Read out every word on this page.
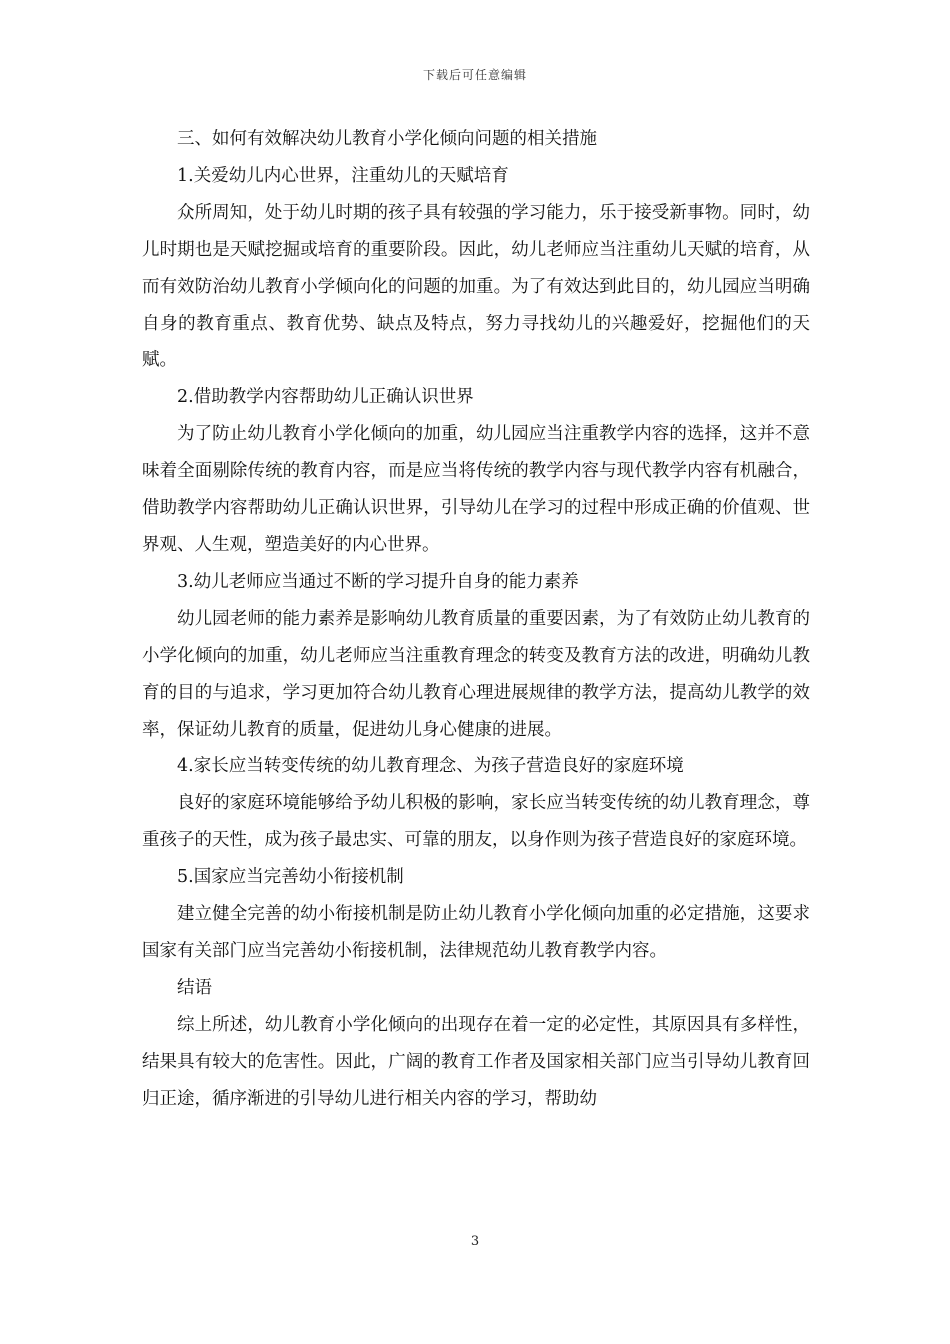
下载后可任意编辑

三、如何有效解决幼儿教育小学化倾向问题的相关措施

1.关爱幼儿内心世界，注重幼儿的天赋培育

众所周知，处于幼儿时期的孩子具有较强的学习能力，乐于接受新事物。同时，幼儿时期也是天赋挖掘或培育的重要阶段。因此，幼儿老师应当注重幼儿天赋的培育，从而有效防治幼儿教育小学倾向化的问题的加重。为了有效达到此目的，幼儿园应当明确自身的教育重点、教育优势、缺点及特点，努力寻找幼儿的兴趣爱好，挖掘他们的天赋。

2.借助教学内容帮助幼儿正确认识世界

为了防止幼儿教育小学化倾向的加重，幼儿园应当注重教学内容的选择，这并不意味着全面剔除传统的教育内容，而是应当将传统的教学内容与现代教学内容有机融合，借助教学内容帮助幼儿正确认识世界，引导幼儿在学习的过程中形成正确的价值观、世界观、人生观，塑造美好的内心世界。

3.幼儿老师应当通过不断的学习提升自身的能力素养

幼儿园老师的能力素养是影响幼儿教育质量的重要因素，为了有效防止幼儿教育的小学化倾向的加重，幼儿老师应当注重教育理念的转变及教育方法的改进，明确幼儿教育的目的与追求，学习更加符合幼儿教育心理进展规律的教学方法，提高幼儿教学的效率，保证幼儿教育的质量，促进幼儿身心健康的进展。

4.家长应当转变传统的幼儿教育理念、为孩子营造良好的家庭环境

良好的家庭环境能够给予幼儿积极的影响，家长应当转变传统的幼儿教育理念，尊重孩子的天性，成为孩子最忠实、可靠的朋友，以身作则为孩子营造良好的家庭环境。

5.国家应当完善幼小衔接机制

建立健全完善的幼小衔接机制是防止幼儿教育小学化倾向加重的必定措施，这要求国家有关部门应当完善幼小衔接机制，法律规范幼儿教育教学内容。

结语

综上所述，幼儿教育小学化倾向的出现存在着一定的必定性，其原因具有多样性，结果具有较大的危害性。因此，广阔的教育工作者及国家相关部门应当引导幼儿教育回归正途，循序渐进的引导幼儿进行相关内容的学习，帮助幼

3
